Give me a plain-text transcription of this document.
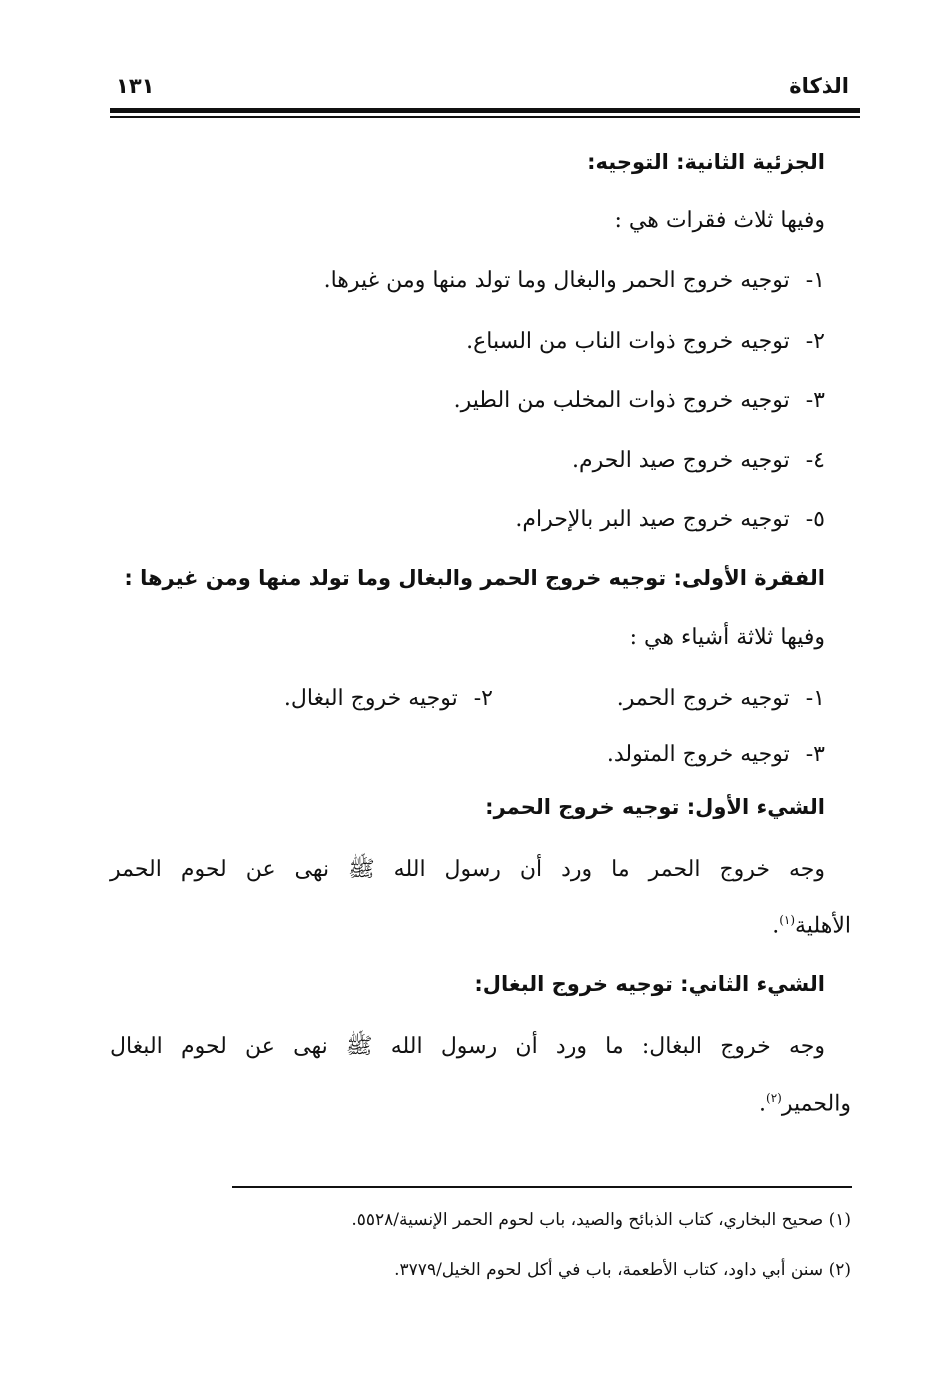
الذكاة
١٣١
الجزئية الثانية: التوجيه:
وفيها ثلاث فقرات هي :
١-توجيه خروج الحمر والبغال وما تولد منها ومن غيرها.
٢-توجيه خروج ذوات الناب من السباع.
٣-توجيه خروج ذوات المخلب من الطير.
٤-توجيه خروج صيد الحرم.
٥-توجيه خروج صيد البر بالإحرام.
الفقرة الأولى: توجيه خروج الحمر والبغال وما تولد منها ومن غيرها :
وفيها ثلاثة أشياء هي :
١-توجيه خروج الحمر.
٢-توجيه خروج البغال.
٣-توجيه خروج المتولد.
الشيء الأول: توجيه خروج الحمر:
وجه خروج الحمر ما ورد أن رسول الله ﷺ نهى عن لحوم الحمر
الأهلية$^{(١)}$.
الشيء الثاني: توجيه خروج البغال:
وجه خروج البغال: ما ورد أن رسول الله ﷺ نهى عن لحوم البغال
والحمير$^{(٢)}$.
(١) صحيح البخاري، كتاب الذبائح والصيد، باب لحوم الحمر الإنسية/٥٥٢٨.
(٢) سنن أبي داود، كتاب الأطعمة، باب في أكل لحوم الخيل/٣٧٧٩.
